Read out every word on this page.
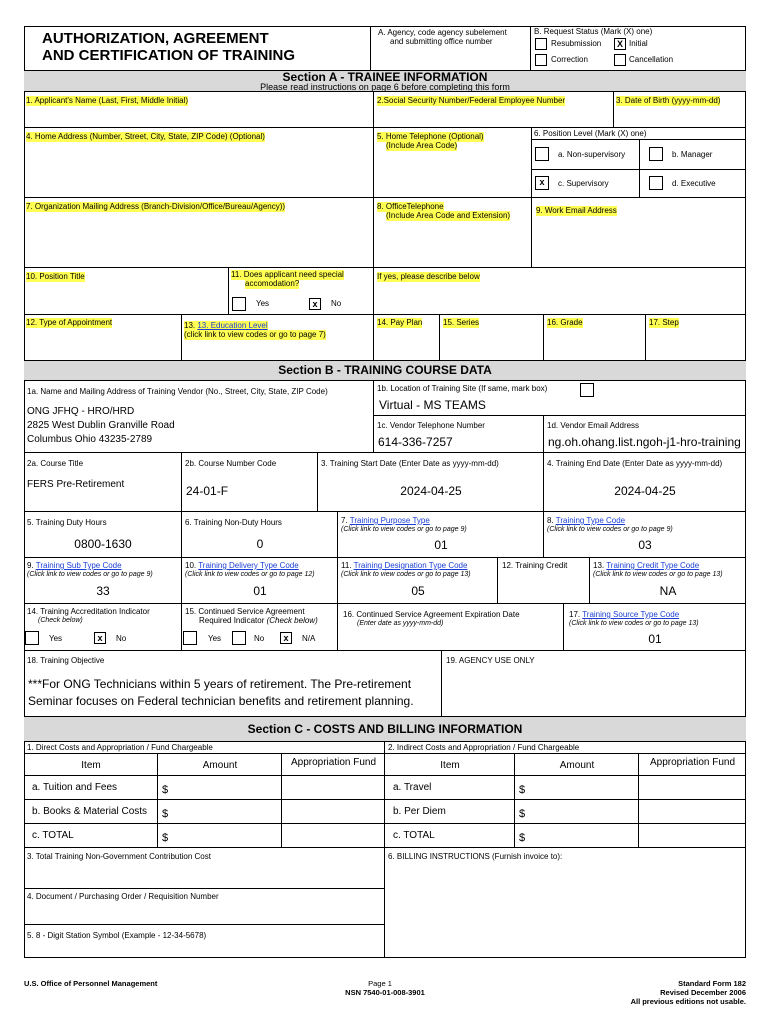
AUTHORIZATION, AGREEMENT
AND CERTIFICATION OF TRAINING
A. Agency, code agency subelement
and submitting office number
B. Request Status (Mark (X) one)
Resubmission	X Initial
Correction	Cancellation
Section A - TRAINEE INFORMATION
Please read instructions on page 6 before completing this form
1. Applicant's Name (Last, First, Middle Initial)	2.Social Security Number/Federal Employee Number	3. Date of Birth (yyyy-mm-dd)
4. Home Address (Number, Street, City, State, ZIP Code) (Optional)	5. Home Telephone (Optional)
(Include Area Code)
6. Position Level (Mark (X) one)
a. Non-supervisory	b. Manager
x	c. Supervisory	d. Executive
7. Organization Mailing Address (Branch-Division/Office/Bureau/Agency))	8. OfficeTelephone
(Include Area Code and Extension)
9. Work Email Address
10. Position Title	11. Does applicant need special
accomodation?
Yes	x	No
If yes, please describe below
12. Type of Appointment	13. 13. Education Level
(click link to view codes or go to page 7)
14. Pay Plan	15. Series	16. Grade	17. Step
Section B - TRAINING COURSE DATA
1a. Name and Mailing Address of Training Vendor (No., Street, City, State, ZIP Code)
ONG JFHQ - HRO/HRD
2825 West Dublin Granville Road
Columbus Ohio 43235-2789
1b. Location of Training Site (If same, mark box)
Virtual - MS TEAMS
1c. Vendor Telephone Number
614-336-7257
1d. Vendor Email Address
ng.oh.ohang.list.ngoh-j1-hro-training
2a. Course Title
FERS Pre-Retirement
2b. Course Number Code
24-01-F
3. Training Start Date (Enter Date as yyyy-mm-dd)
2024-04-25
4. Training End Date (Enter Date as yyyy-mm-dd)
2024-04-25
5. Training Duty Hours
0800-1630
6. Training Non-Duty Hours
0
7. Training Purpose Type
(Click link to view codes or go to page 9)
01
8. Training Type Code
(Click link to view codes or go to page 9)
03
9. Training Sub Type Code
(Click link to view codes or go to page 9)
33
10. Training Delivery Type Code
(Click link to view codes or go to page 12)
01
11. Training Designation Type Code
(Click link to view codes or go to page 13)
05
12. Training Credit	13. Training Credit Type Code
(Click link to view codes or go to page 13)
NA
14. Training Accreditation Indicator
(Check below)
Yes	x	No
15. Continued Service Agreement
Required Indicator (Check below)
Yes	No	x	N/A
16. Continued Service Agreement Expiration Date
(Enter date as yyyy-mm-dd)
17. Training Source Type Code
(Click link to view codes or go to page 13)
01
18. Training Objective
***For ONG Technicians within 5 years of retirement. The Pre-retirement
Seminar focuses on Federal technician benefits and retirement planning.
19. AGENCY USE ONLY
Section C - COSTS AND BILLING INFORMATION
1. Direct Costs and Appropriation / Fund Chargeable	2. Indirect Costs and Appropriation / Fund Chargeable
Item	Amount	Appropriation Fund
a. Tuition and Fees	$
b. Books & Material Costs $
c. TOTAL	$
Item	Amount	Appropriation Fund
a. Travel	$
b. Per Diem	$
c. TOTAL	$
3. Total Training Non-Government Contribution Cost	6. BILLING INSTRUCTIONS (Furnish invoice to):
4. Document / Purchasing Order / Requisition Number
5. 8 - Digit Station Symbol (Example - 12-34-5678)
U.S. Office of Personnel Management	Page 1
NSN 7540-01-008-3901
Standard Form 182
Revised December 2006
All previous editions not usable.
